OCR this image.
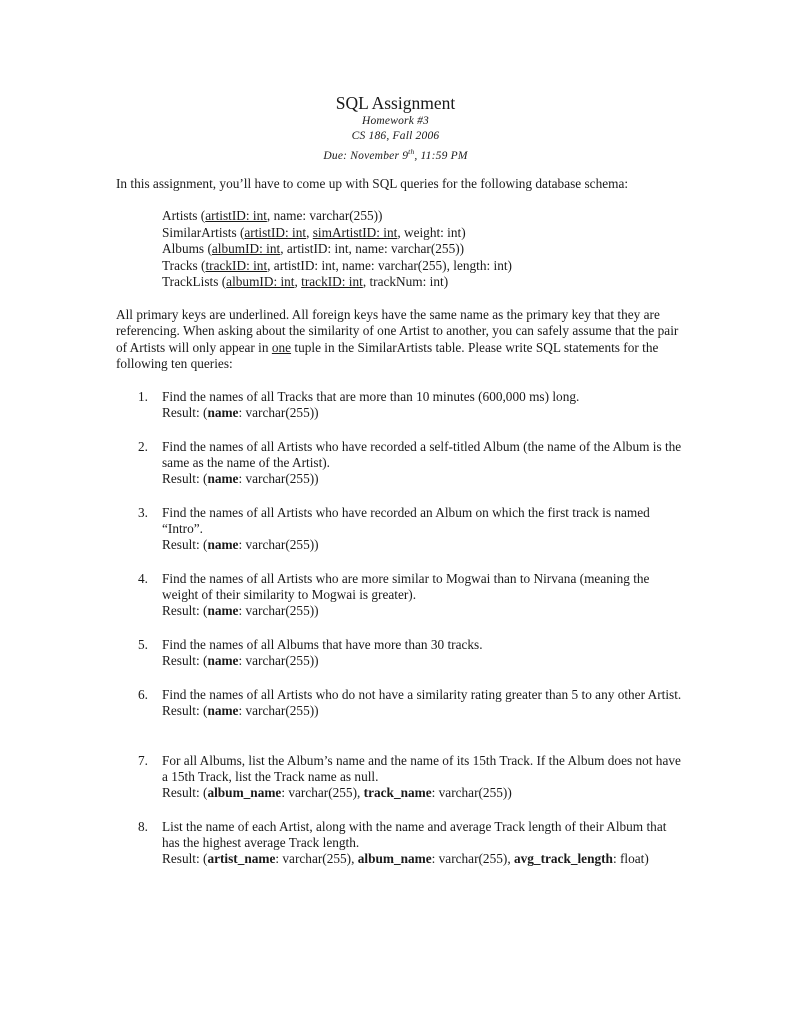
SQL Assignment
Homework #3
CS 186, Fall 2006
Due: November 9th, 11:59 PM
In this assignment, you’ll have to come up with SQL queries for the following database schema:
Artists (artistID: int, name: varchar(255))
SimilarArtists (artistID: int, simArtistID: int, weight: int)
Albums (albumID: int, artistID: int, name: varchar(255))
Tracks (trackID: int, artistID: int, name: varchar(255), length: int)
TrackLists (albumID: int, trackID: int, trackNum: int)
All primary keys are underlined. All foreign keys have the same name as the primary key that they are referencing. When asking about the similarity of one Artist to another, you can safely assume that the pair of Artists will only appear in one tuple in the SimilarArtists table. Please write SQL statements for the following ten queries:
1. Find the names of all Tracks that are more than 10 minutes (600,000 ms) long.
Result: (name: varchar(255))
2. Find the names of all Artists who have recorded a self-titled Album (the name of the Album is the same as the name of the Artist).
Result: (name: varchar(255))
3. Find the names of all Artists who have recorded an Album on which the first track is named “Intro”.
Result: (name: varchar(255))
4. Find the names of all Artists who are more similar to Mogwai than to Nirvana (meaning the weight of their similarity to Mogwai is greater).
Result: (name: varchar(255))
5. Find the names of all Albums that have more than 30 tracks.
Result: (name: varchar(255))
6. Find the names of all Artists who do not have a similarity rating greater than 5 to any other Artist.
Result: (name: varchar(255))
7. For all Albums, list the Album’s name and the name of its 15th Track. If the Album does not have a 15th Track, list the Track name as null.
Result: (album_name: varchar(255), track_name: varchar(255))
8. List the name of each Artist, along with the name and average Track length of their Album that has the highest average Track length.
Result: (artist_name: varchar(255), album_name: varchar(255), avg_track_length: float)
